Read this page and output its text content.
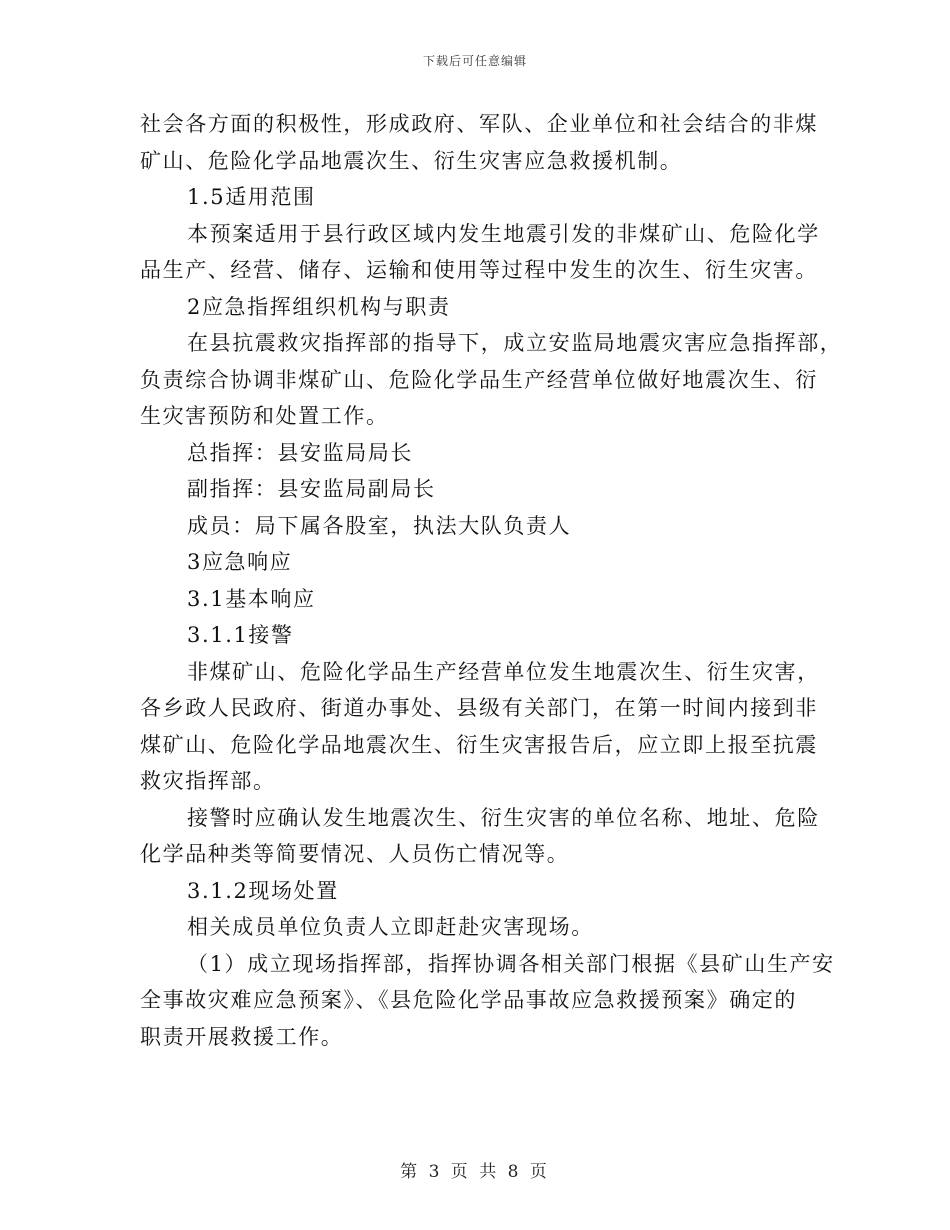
下载后可任意编辑
社会各方面的积极性，形成政府、军队、企业单位和社会结合的非煤
矿山、危险化学品地震次生、衍生灾害应急救援机制。
1.5适用范围
本预案适用于县行政区域内发生地震引发的非煤矿山、危险化学
品生产、经营、储存、运输和使用等过程中发生的次生、衍生灾害。
2应急指挥组织机构与职责
在县抗震救灾指挥部的指导下，成立安监局地震灾害应急指挥部，
负责综合协调非煤矿山、危险化学品生产经营单位做好地震次生、衍
生灾害预防和处置工作。
总指挥：县安监局局长
副指挥：县安监局副局长
成员：局下属各股室，执法大队负责人
3应急响应
3.1基本响应
3.1.1接警
非煤矿山、危险化学品生产经营单位发生地震次生、衍生灾害，
各乡政人民政府、街道办事处、县级有关部门，在第一时间内接到非
煤矿山、危险化学品地震次生、衍生灾害报告后，应立即上报至抗震
救灾指挥部。
接警时应确认发生地震次生、衍生灾害的单位名称、地址、危险
化学品种类等简要情况、人员伤亡情况等。
3.1.2现场处置
相关成员单位负责人立即赶赴灾害现场。
（1）成立现场指挥部，指挥协调各相关部门根据《县矿山生产安
全事故灾难应急预案》、《县危险化学品事故应急救援预案》确定的
职责开展救援工作。
第 3 页 共 8 页
